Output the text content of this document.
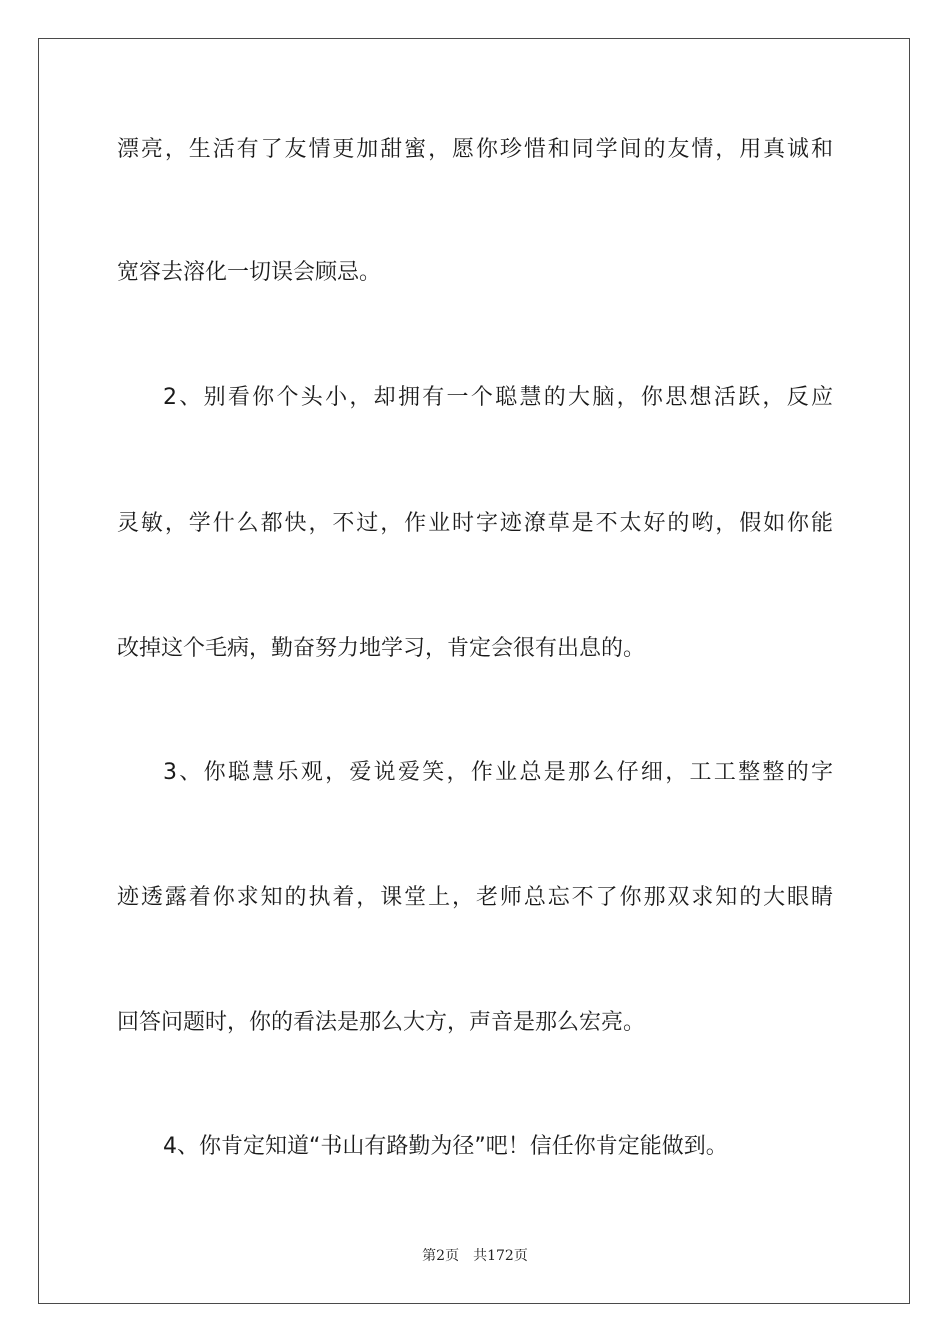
漂亮，生活有了友情更加甜蜜，愿你珍惜和同学间的友情，用真诚和
宽容去溶化一切误会顾忌。
2、别看你个头小，却拥有一个聪慧的大脑，你思想活跃，反应
灵敏，学什么都快，不过，作业时字迹潦草是不太好的哟，假如你能
改掉这个毛病，勤奋努力地学习，肯定会很有出息的。
3、你聪慧乐观，爱说爱笑，作业总是那么仔细，工工整整的字
迹透露着你求知的执着，课堂上，老师总忘不了你那双求知的大眼睛
回答问题时，你的看法是那么大方，声音是那么宏亮。
4、你肯定知道“书山有路勤为径”吧！信任你肯定能做到。
第2页 共172页
